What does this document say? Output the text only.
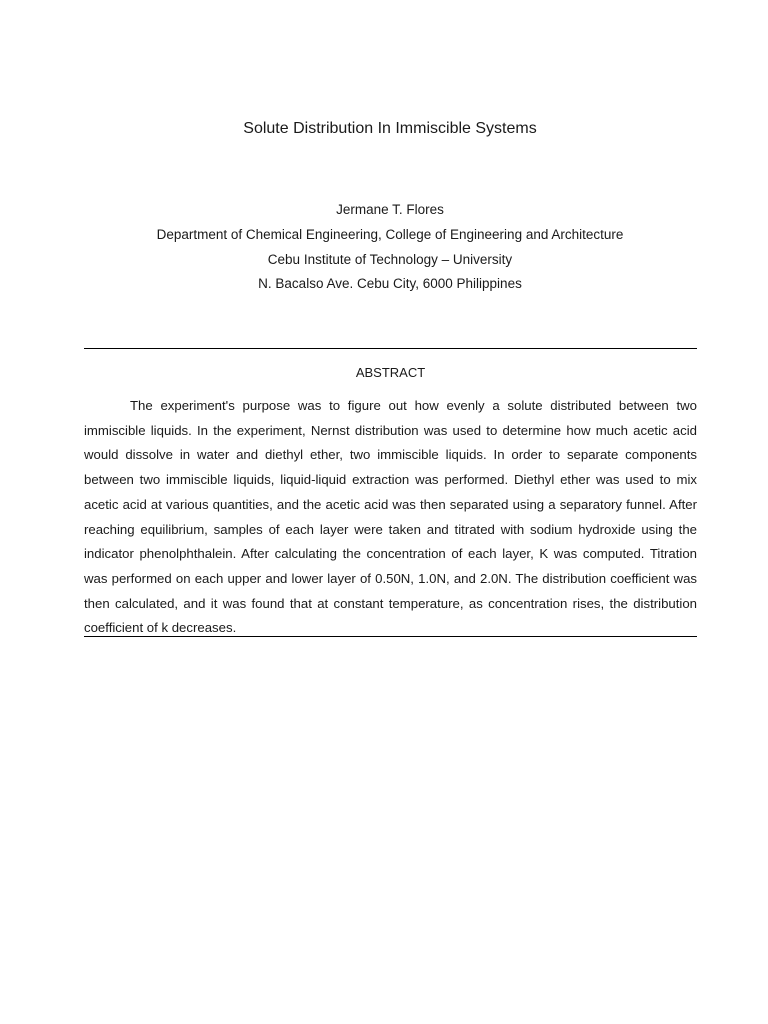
Solute Distribution In Immiscible Systems
Jermane T. Flores
Department of Chemical Engineering, College of Engineering and Architecture
Cebu Institute of Technology – University
N. Bacalso Ave. Cebu City, 6000 Philippines
ABSTRACT

The experiment's purpose was to figure out how evenly a solute distributed between two immiscible liquids. In the experiment, Nernst distribution was used to determine how much acetic acid would dissolve in water and diethyl ether, two immiscible liquids. In order to separate components between two immiscible liquids, liquid-liquid extraction was performed. Diethyl ether was used to mix acetic acid at various quantities, and the acetic acid was then separated using a separatory funnel. After reaching equilibrium, samples of each layer were taken and titrated with sodium hydroxide using the indicator phenolphthalein. After calculating the concentration of each layer, K was computed. Titration was performed on each upper and lower layer of 0.50N, 1.0N, and 2.0N. The distribution coefficient was then calculated, and it was found that at constant temperature, as concentration rises, the distribution coefficient of k decreases.
